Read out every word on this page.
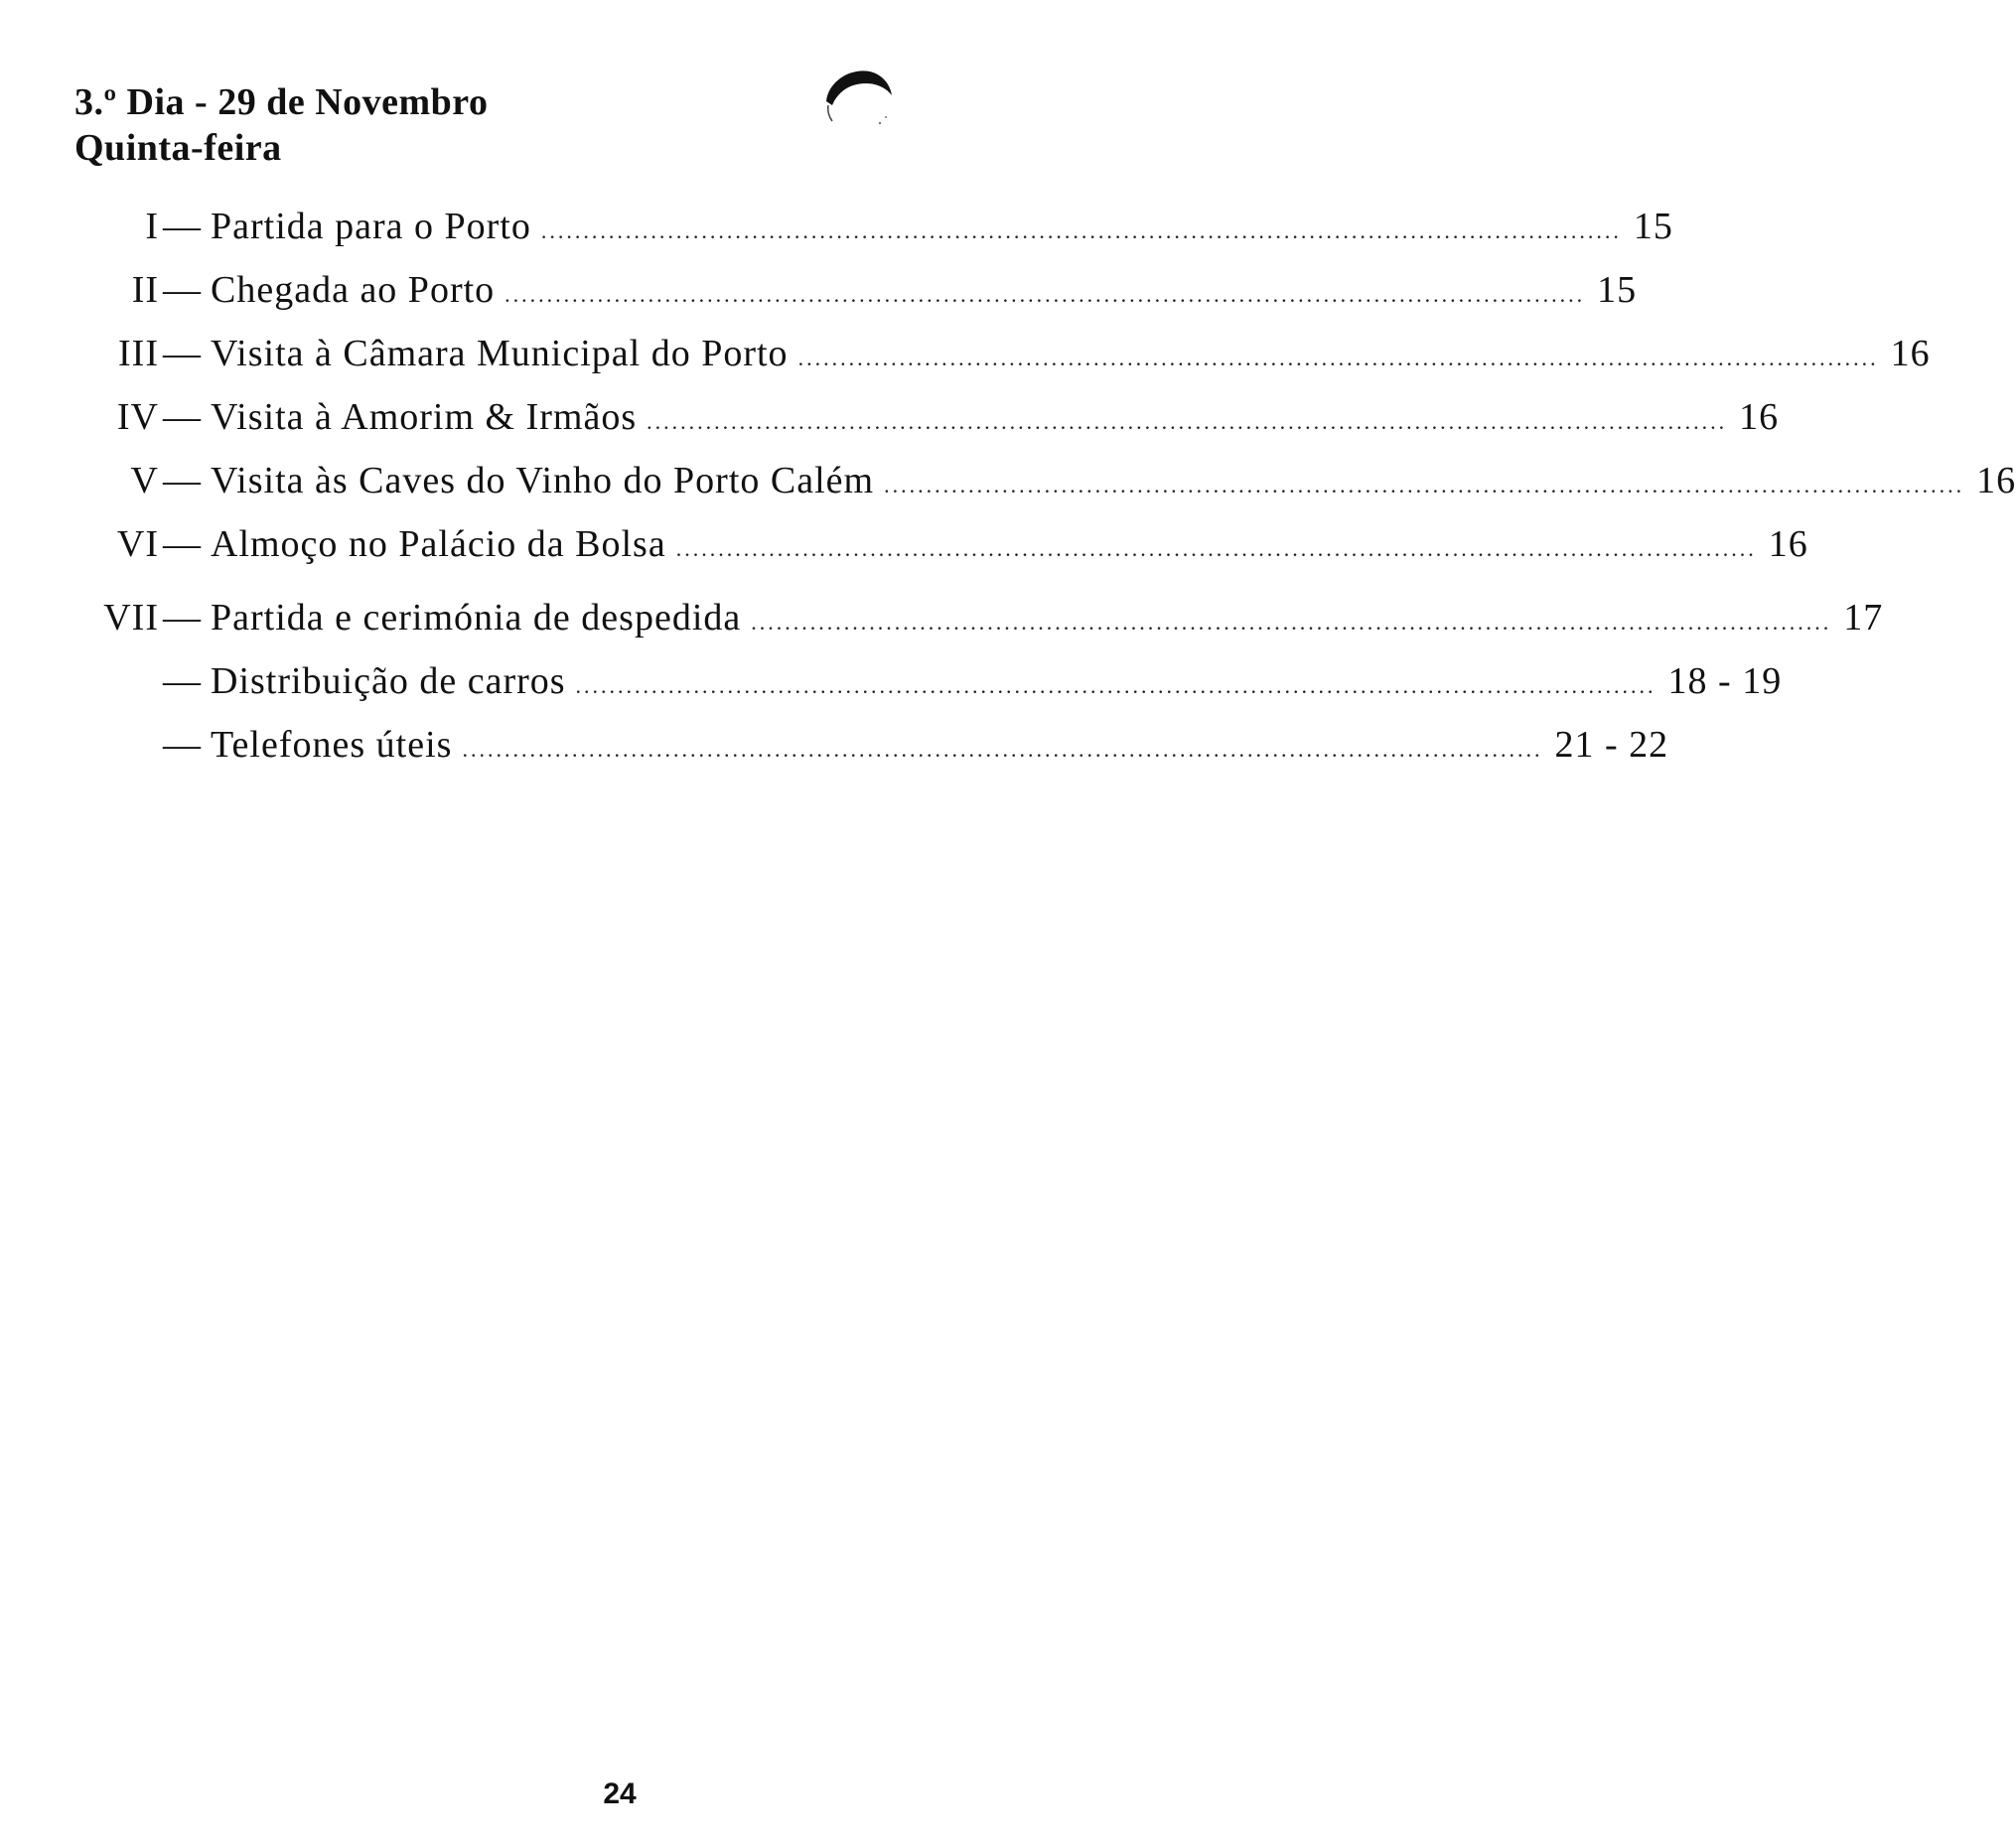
3.º Dia - 29 de Novembro
Quinta-feira
I — Partida para o Porto ................................................................................................................................ 15
II — Chegada ao Porto ................................................................................................................................ 15
III — Visita à Câmara Municipal do Porto ................................................................................................................................ 16
IV — Visita à Amorim & Irmãos ................................................................................................................................ 16
V — Visita às Caves do Vinho do Porto Calém ................................................................................................................................ 16
VI — Almoço no Palácio da Bolsa ................................................................................................................................ 16
VII — Partida e cerimónia de despedida ................................................................................................................................ 17
— Distribuição de carros ................................................................................................................................ 18 - 19
— Telefones úteis ................................................................................................................................ 21 - 22
24
